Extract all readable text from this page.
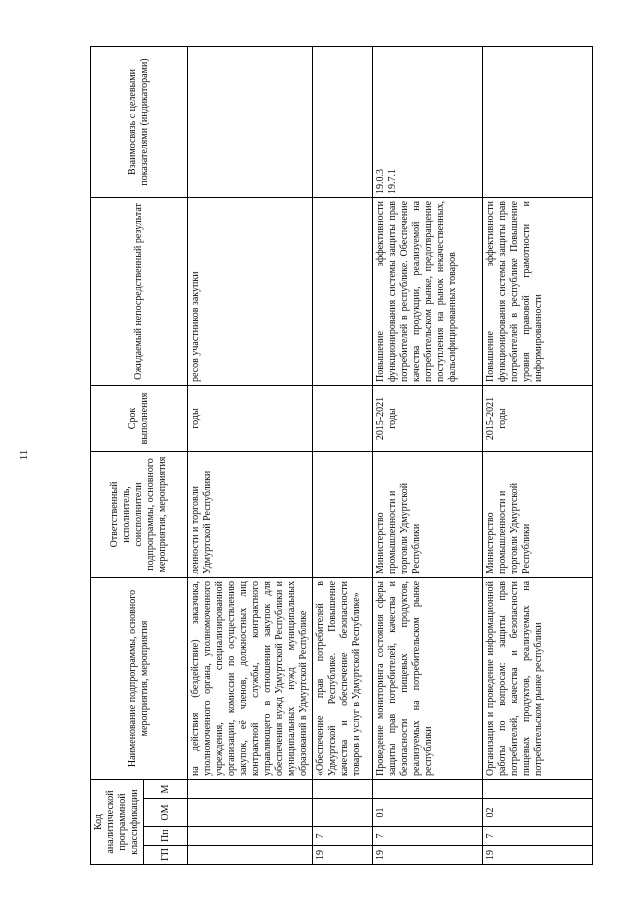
11
Код аналитической программной классификации				Наименование подпрограммы, основного мероприятия, мероприятия	Ответственный исполнитель, соисполнители подпрограммы, основного мероприятия, мероприятия	Срок выполнения	Ожидаемый непосредственный результат	Взаимосвязь с целевыми показателями (индикаторами)
ГП	Пп	ОМ	М					
				на действия (бездействие) заказчика, уполномоченного органа, уполномоченного учреждения, специализированной организации, комиссии по осуществлению закупок, её членов, должностных лиц контрактной службы, контрактного управляющего в отношении закупок для обеспечения нужд Удмуртской Республики и муниципальных нужд муниципальных образований в Удмуртской Республике	ленности и торговли Удмуртской Республики	годы	ресов участников закупки	
19	7			«Обеспечение прав потребителей в Удмуртской Республике. Повышение качества и обеспечение безопасности товаров и услуг в Удмуртской Республике»				
19	7	01		Проведение мониторинга состояния сферы защиты прав потребителей, качества и безопасности пищевых продуктов, реализуемых на потребительском рынке республики	Министерство промышленности и торговли Удмуртской Республики	2015-2021 годы	Повышение эффективности функционирования системы защиты прав потребителей в республике. Обеспечение качества продукции, реализуемой на потребительском рынке, предотвращение поступления на рынок некачественных, фальсифицированных товаров	19.0.3
19.7.1
19	7	02		Организация и проведение информационной работы по вопросам: защиты прав потребителей, качества и безопасности пищевых продуктов, реализуемых на потребительском рынке республики	Министерство промышленности и торговли Удмуртской Республики	2015-2021 годы	Повышение эффективности функционирования системы защиты прав потребителей в республике Повышение уровня правовой грамотности и информированности	
